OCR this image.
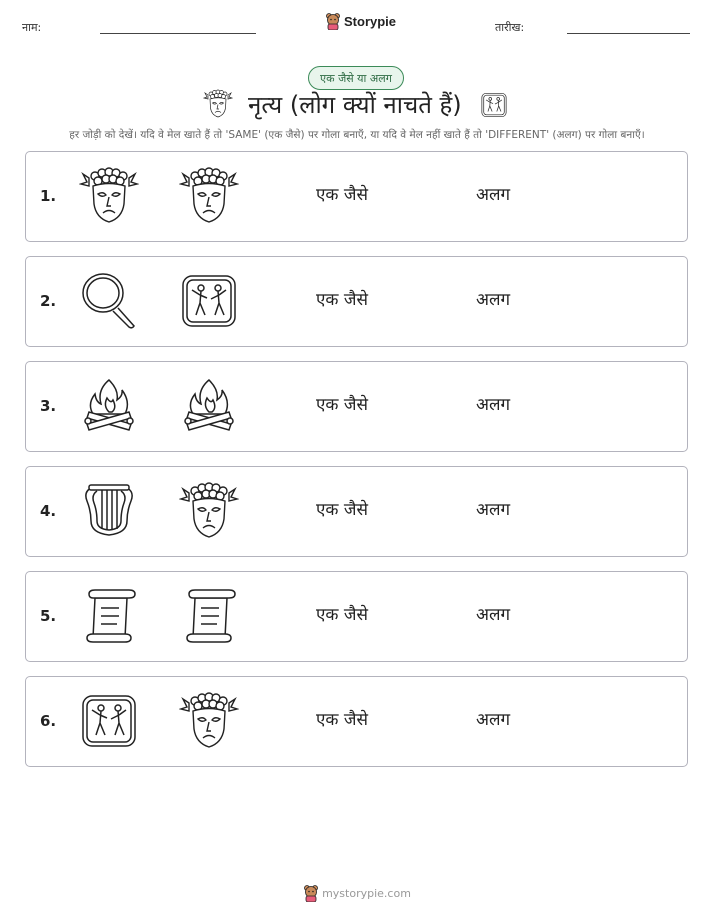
नाम:	Storypie	तारीख:
एक जैसे या अलग
नृत्य (लोग क्यों नाचते हैं)
हर जोड़ी को देखें। यदि वे मेल खाते हैं तो 'SAME' (एक जैसे) पर गोला बनाएँ, या यदि वे मेल नहीं खाते हैं तो 'DIFFERENT' (अलग) पर गोला बनाएँ।
1.	एक जैसे	अलग
2.	एक जैसे	अलग
3.	एक जैसे	अलग
4.	एक जैसे	अलग
5.	एक जैसे	अलग
6.	एक जैसे	अलग
mystorypie.com
